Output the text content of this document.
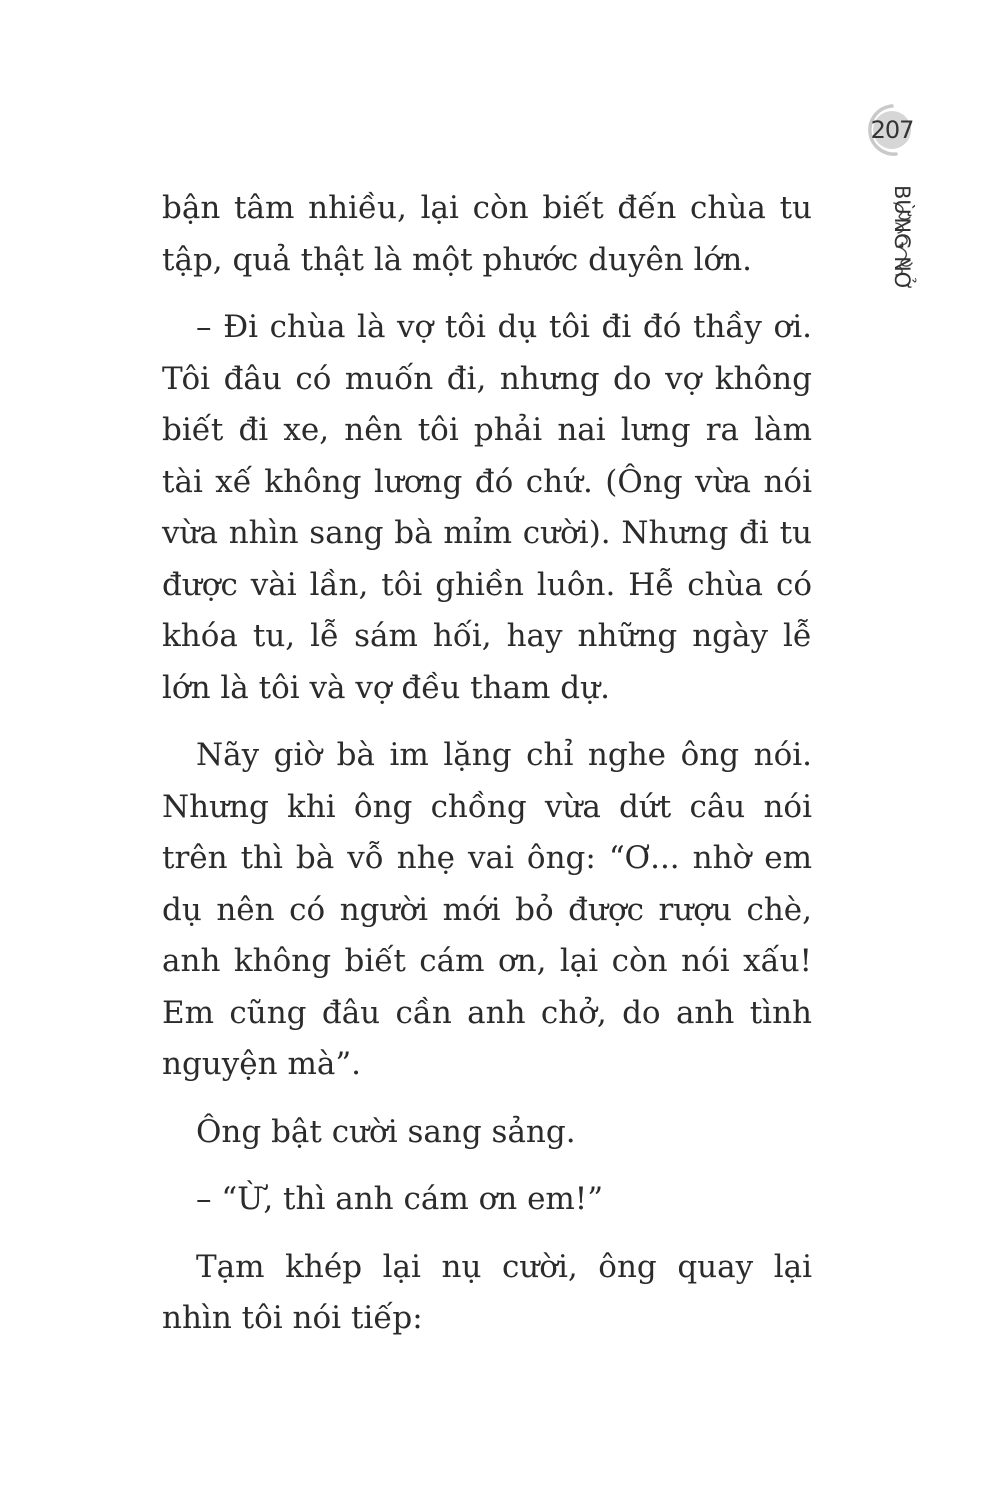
207
BỪNG NỞ

bận tâm nhiều, lại còn biết đến chùa tu tập, quả thật là một phước duyên lớn.

– Đi chùa là vợ tôi dụ tôi đi đó thầy ơi. Tôi đâu có muốn đi, nhưng do vợ không biết đi xe, nên tôi phải nai lưng ra làm tài xế không lương đó chứ. (Ông vừa nói vừa nhìn sang bà mỉm cười). Nhưng đi tu được vài lần, tôi ghiền luôn. Hễ chùa có khóa tu, lễ sám hối, hay những ngày lễ lớn là tôi và vợ đều tham dự.

Nãy giờ bà im lặng chỉ nghe ông nói. Nhưng khi ông chồng vừa dứt câu nói trên thì bà vỗ nhẹ vai ông: “Ơ... nhờ em dụ nên có người mới bỏ được rượu chè, anh không biết cám ơn, lại còn nói xấu! Em cũng đâu cần anh chở, do anh tình nguyện mà”.

Ông bật cười sang sảng.

– “Ừ, thì anh cám ơn em!”

Tạm khép lại nụ cười, ông quay lại nhìn tôi nói tiếp:
